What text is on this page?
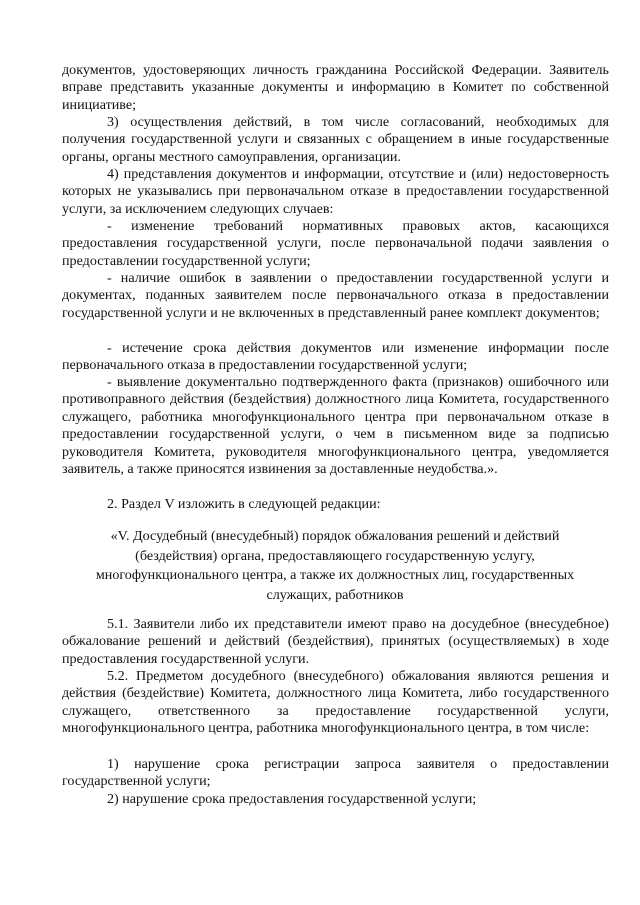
документов, удостоверяющих личность гражданина Российской Федерации. Заявитель вправе представить указанные документы и информацию в Комитет по собственной инициативе;

3) осуществления действий, в том числе согласований, необходимых для получения государственной услуги и связанных с обращением в иные государственные органы, органы местного самоуправления, организации.

4) представления документов и информации, отсутствие и (или) недостоверность которых не указывались при первоначальном отказе в предоставлении государственной услуги, за исключением следующих случаев:

- изменение требований нормативных правовых актов, касающихся предоставления государственной услуги, после первоначальной подачи заявления о предоставлении государственной услуги;

- наличие ошибок в заявлении о предоставлении государственной услуги и документах, поданных заявителем после первоначального отказа в предоставлении государственной услуги и не включенных в представленный ранее комплект документов;

- истечение срока действия документов или изменение информации после первоначального отказа в предоставлении государственной услуги;

- выявление документально подтвержденного факта (признаков) ошибочного или противоправного действия (бездействия) должностного лица Комитета, государственного служащего, работника многофункционального центра при первоначальном отказе в предоставлении государственной услуги, о чем в письменном виде за подписью руководителя Комитета, руководителя многофункционального центра, уведомляется заявитель, а также приносятся извинения за доставленные неудобства.».

2. Раздел V изложить в следующей редакции:

«V. Досудебный (внесудебный) порядок обжалования решений и действий (бездействия) органа, предоставляющего государственную услугу, многофункционального центра, а также их должностных лиц, государственных служащих, работников

5.1. Заявители либо их представители имеют право на досудебное (внесудебное) обжалование решений и действий (бездействия), принятых (осуществляемых) в ходе предоставления государственной услуги.

5.2. Предметом досудебного (внесудебного) обжалования являются решения и действия (бездействие) Комитета, должностного лица Комитета, либо государственного служащего, ответственного за предоставление государственной услуги, многофункционального центра, работника многофункционального центра, в том числе:

1) нарушение срока регистрации запроса заявителя о предоставлении государственной услуги;

2) нарушение срока предоставления государственной услуги;
